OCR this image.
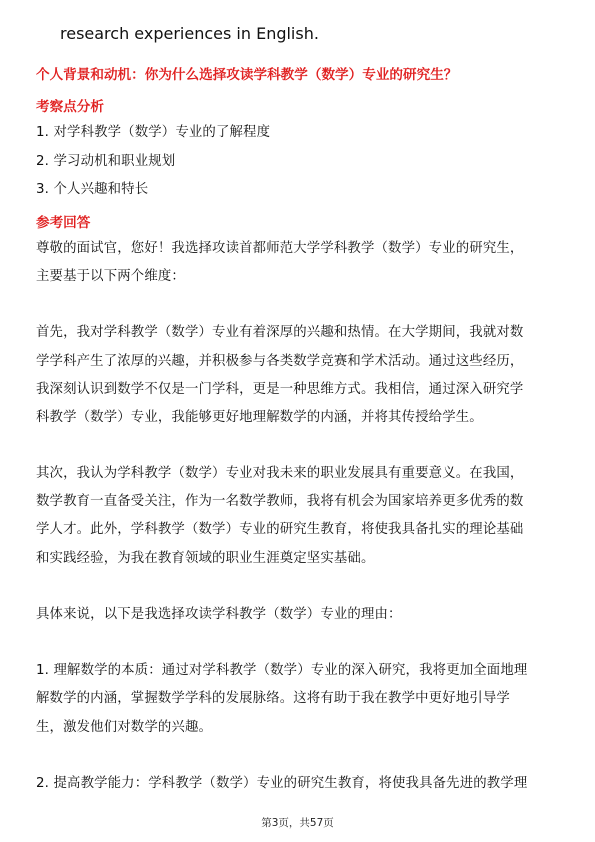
research experiences in English.
个人背景和动机：你为什么选择攻读学科教学（数学）专业的研究生？
考察点分析
1. 对学科教学（数学）专业的了解程度
2. 学习动机和职业规划
3. 个人兴趣和特长
参考回答
尊敬的面试官，您好！我选择攻读首都师范大学学科教学（数学）专业的研究生，
主要基于以下两个维度：
首先，我对学科教学（数学）专业有着深厚的兴趣和热情。在大学期间，我就对数
学学科产生了浓厚的兴趣，并积极参与各类数学竞赛和学术活动。通过这些经历，
我深刻认识到数学不仅是一门学科，更是一种思维方式。我相信，通过深入研究学
科教学（数学）专业，我能够更好地理解数学的内涵，并将其传授给学生。
其次，我认为学科教学（数学）专业对我未来的职业发展具有重要意义。在我国，
数学教育一直备受关注，作为一名数学教师，我将有机会为国家培养更多优秀的数
学人才。此外，学科教学（数学）专业的研究生教育，将使我具备扎实的理论基础
和实践经验，为我在教育领域的职业生涯奠定坚实基础。
具体来说，以下是我选择攻读学科教学（数学）专业的理由：
1. 理解数学的本质：通过对学科教学（数学）专业的深入研究，我将更加全面地理
解数学的内涵，掌握数学学科的发展脉络。这将有助于我在教学中更好地引导学
生，激发他们对数学的兴趣。
2. 提高教学能力：学科教学（数学）专业的研究生教育，将使我具备先进的教学理
第3页，共57页
